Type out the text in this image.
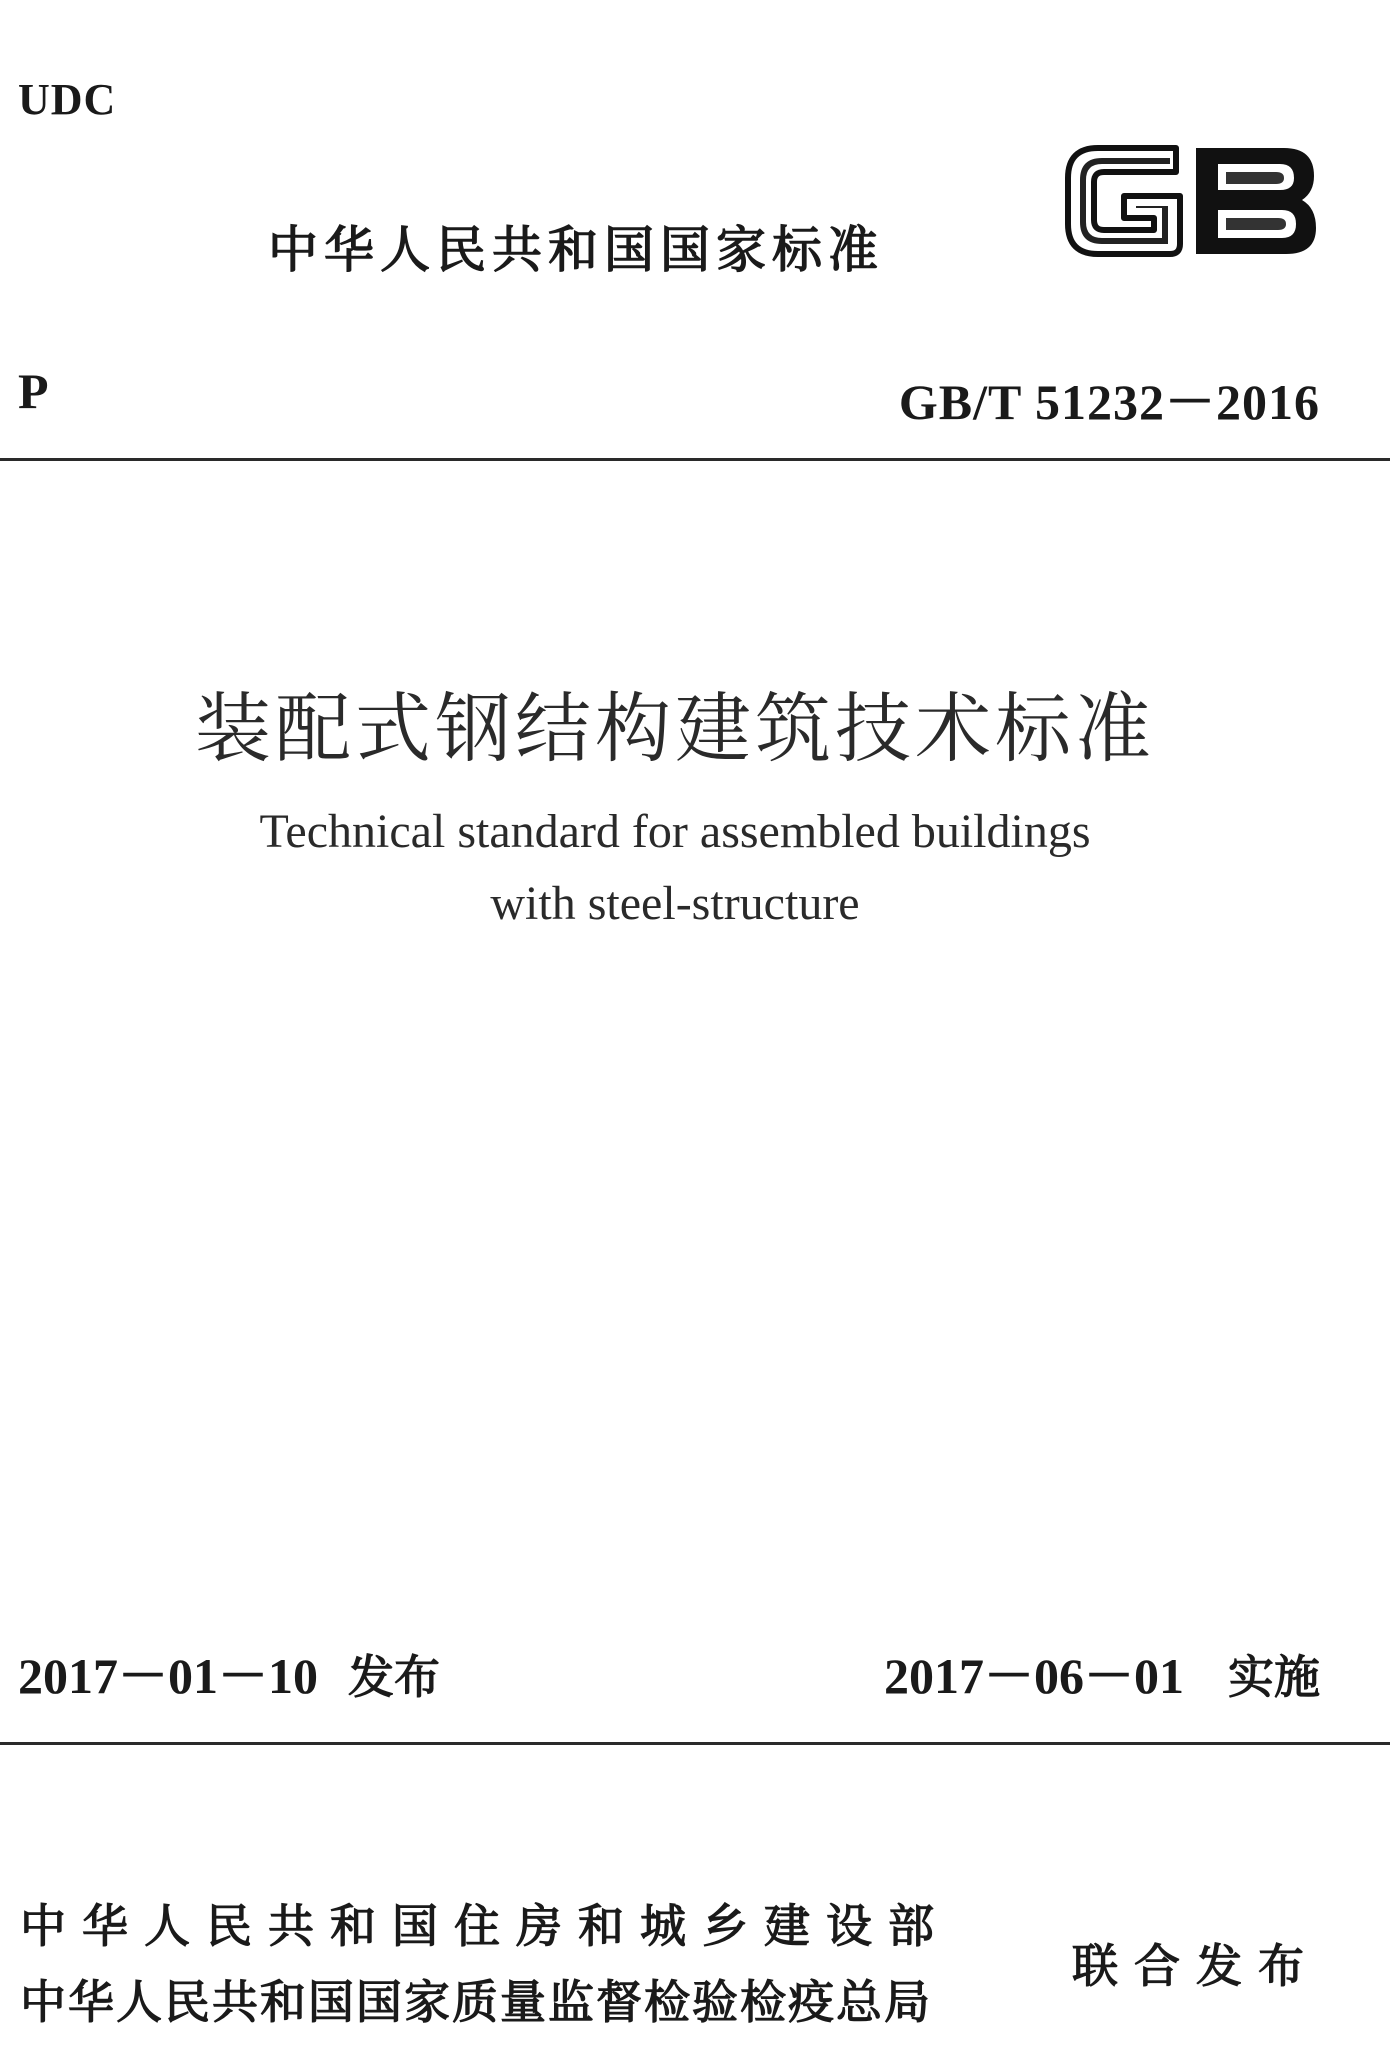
UDC
中华人民共和国国家标准
P	GB/T 51232－2016
装配式钢结构建筑技术标准
Technical standard for assembled buildings
with steel-structure
2017－01－10 发布	2017－06－01 实施
中华人民共和国住房和城乡建设部
中华人民共和国国家质量监督检验检疫总局
联合发布
